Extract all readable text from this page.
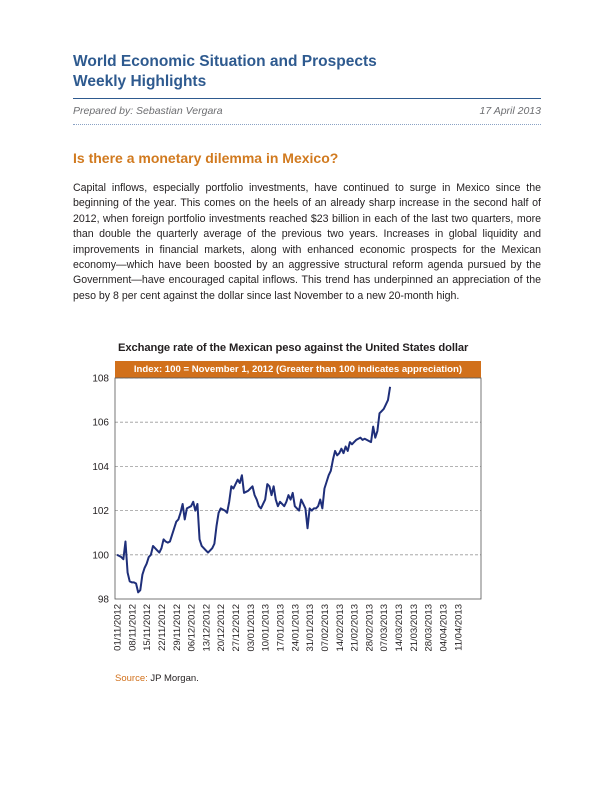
World Economic Situation and Prospects
Weekly Highlights
Prepared by: Sebastian Vergara	17 April 2013
Is there a monetary dilemma in Mexico?
Capital inflows, especially portfolio investments, have continued to surge in Mexico since the beginning of the year. This comes on the heels of an already sharp increase in the second half of 2012, when foreign portfolio investments reached $23 billion in each of the last two quarters, more than double the quarterly average of the previous two years. Increases in global liquidity and improvements in financial markets, along with enhanced economic prospects for the Mexican economy—which have been boosted by an aggressive structural reform agenda pursued by the Government—have encouraged capital inflows. This trend has underpinned an appreciation of the peso by 8 per cent against the dollar since last November to a new 20-month high.
Exchange rate of the Mexican peso against the United States dollar
Index: 100 = November 1, 2012 (Greater than 100 indicates appreciation)
98
100
102
104
106
108
01/11/2012 08/11/2012 15/11/2012 22/11/2012 29/11/2012 06/12/2012 13/12/2012 20/12/2012 27/12/2012 03/01/2013 10/01/2013 17/01/2013 24/01/2013 31/01/2013 07/02/2013 14/02/2013 21/02/2013 28/02/2013 07/03/2013 14/03/2013 21/03/2013 28/03/2013 04/04/2013 11/04/2013
Source: JP Morgan.
